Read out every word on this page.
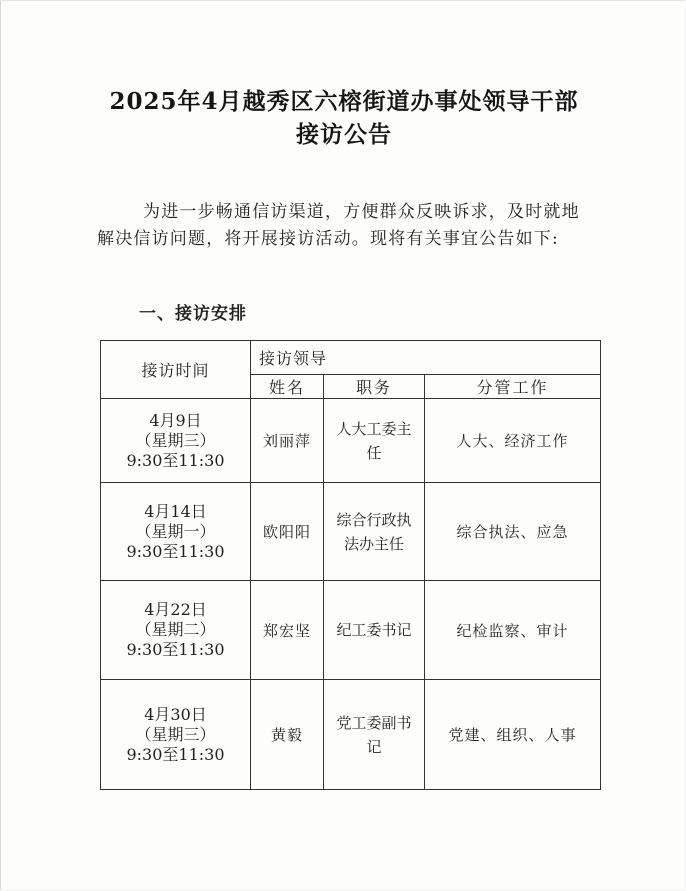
2025年4月越秀区六榕街道办事处领导干部
接访公告
为进一步畅通信访渠道，方便群众反映诉求，及时就地解决信访问题，将开展接访活动。现将有关事宜公告如下:
一、接访安排
接访时间	接访领导		
	姓名	职务	分管工作

4月9日
（星期三）
9:30至11:30	刘丽萍	人大工委主任	人大、经济工作

4月14日
（星期一）
9:30至11:30	欧阳阳	综合行政执法办主任	综合执法、应急

4月22日
（星期二）
9:30至11:30	郑宏坚	纪工委书记	纪检监察、审计

4月30日
（星期三）
9:30至11:30	黄毅	党工委副书记	党建、组织、人事
